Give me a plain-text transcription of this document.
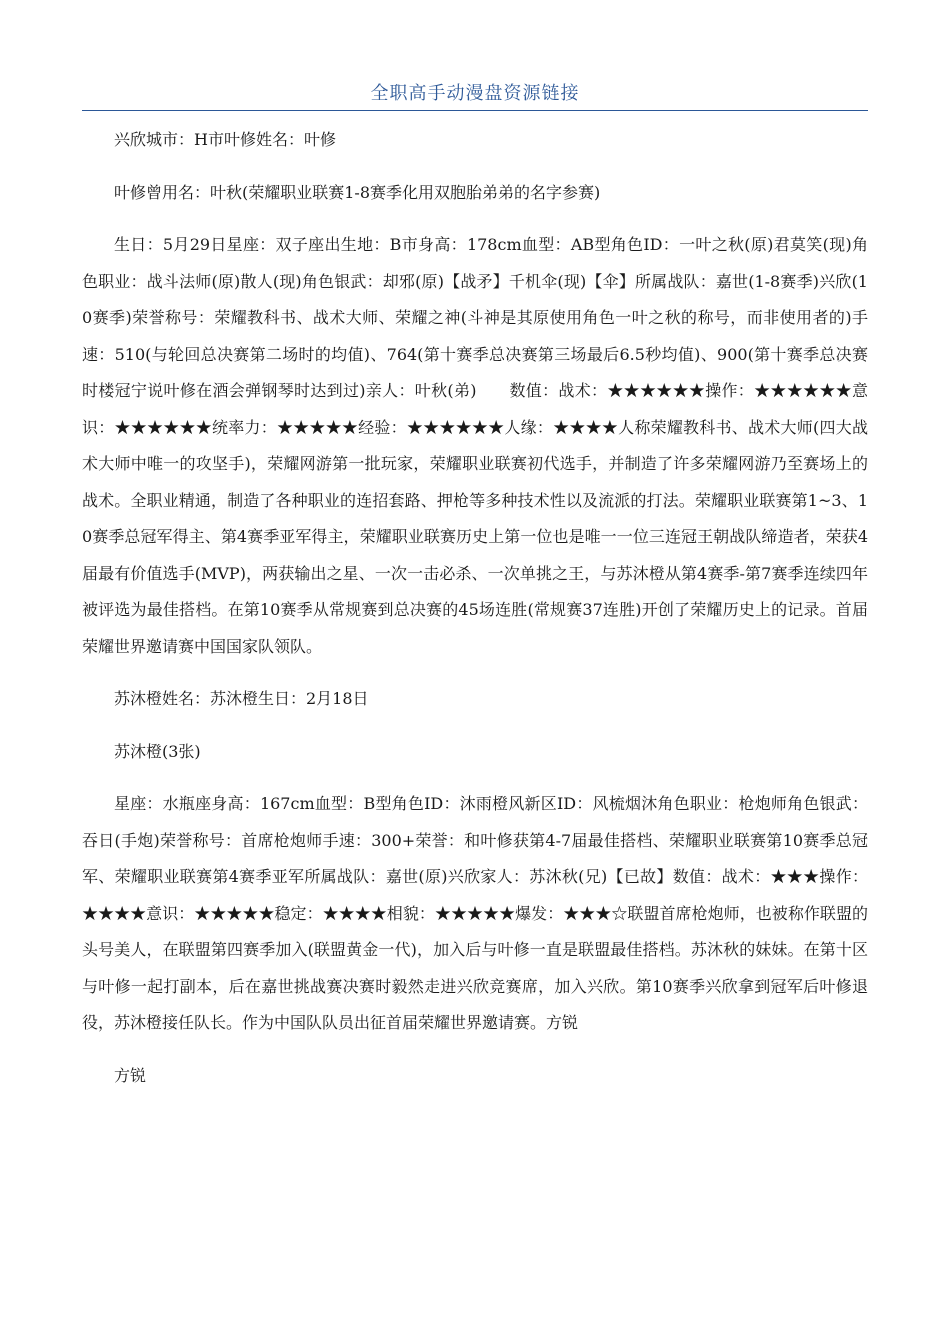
全职高手动漫盘资源链接

兴欣城市：H市叶修姓名：叶修

叶修曾用名：叶秋(荣耀职业联赛1-8赛季化用双胞胎弟弟的名字参赛)

生日：5月29日星座：双子座出生地：B市身高：178cm血型：AB型角色ID：一叶之秋(原)君莫笑(现)角色职业：战斗法师(原)散人(现)角色银武：却邪(原)【战矛】千机伞(现)【伞】所属战队：嘉世(1-8赛季)兴欣(10赛季)荣誉称号：荣耀教科书、战术大师、荣耀之神(斗神是其原使用角色一叶之秋的称号，而非使用者的)手速：510(与轮回总决赛第二场时的均值)、764(第十赛季总决赛第三场最后6.5秒均值)、900(第十赛季总决赛时楼冠宁说叶修在酒会弹钢琴时达到过)亲人：叶秋(弟)　　数值：战术：★★★★★★操作：★★★★★★意识：★★★★★★统率力：★★★★★经验：★★★★★★人缘：★★★★人称荣耀教科书、战术大师(四大战术大师中唯一的攻坚手)，荣耀网游第一批玩家，荣耀职业联赛初代选手，并制造了许多荣耀网游乃至赛场上的战术。全职业精通，制造了各种职业的连招套路、押枪等多种技术性以及流派的打法。荣耀职业联赛第1~3、10赛季总冠军得主、第4赛季亚军得主，荣耀职业联赛历史上第一位也是唯一一位三连冠王朝战队缔造者，荣获4届最有价值选手(MVP)，两获输出之星、一次一击必杀、一次单挑之王，与苏沐橙从第4赛季-第7赛季连续四年被评选为最佳搭档。在第10赛季从常规赛到总决赛的45场连胜(常规赛37连胜)开创了荣耀历史上的记录。首届荣耀世界邀请赛中国国家队领队。

苏沐橙姓名：苏沐橙生日：2月18日

苏沐橙(3张)

星座：水瓶座身高：167cm血型：B型角色ID：沐雨橙风新区ID：风梳烟沐角色职业：枪炮师角色银武：吞日(手炮)荣誉称号：首席枪炮师手速：300+荣誉：和叶修获第4-7届最佳搭档、荣耀职业联赛第10赛季总冠军、荣耀职业联赛第4赛季亚军所属战队：嘉世(原)兴欣家人：苏沐秋(兄)【已故】数值：战术：★★★操作：★★★★意识：★★★★★稳定：★★★★相貌：★★★★★爆发：★★★☆联盟首席枪炮师，也被称作联盟的头号美人，在联盟第四赛季加入(联盟黄金一代)，加入后与叶修一直是联盟最佳搭档。苏沐秋的妹妹。在第十区与叶修一起打副本，后在嘉世挑战赛决赛时毅然走进兴欣竞赛席，加入兴欣。第10赛季兴欣拿到冠军后叶修退役，苏沐橙接任队长。作为中国队队员出征首届荣耀世界邀请赛。方锐

方锐
